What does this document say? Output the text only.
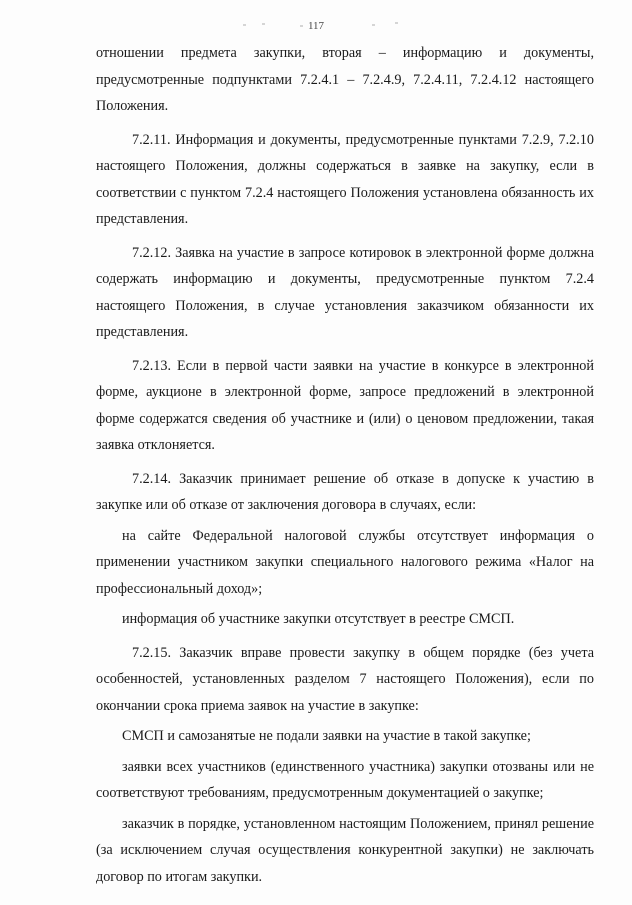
117

отношении предмета закупки, вторая – информацию и документы, предусмотренные подпунктами 7.2.4.1 – 7.2.4.9, 7.2.4.11, 7.2.4.12 настоящего Положения.

7.2.11. Информация и документы, предусмотренные пунктами 7.2.9, 7.2.10 настоящего Положения, должны содержаться в заявке на закупку, если в соответствии с пунктом 7.2.4 настоящего Положения установлена обязанность их представления.

7.2.12. Заявка на участие в запросе котировок в электронной форме должна содержать информацию и документы, предусмотренные пунктом 7.2.4 настоящего Положения, в случае установления заказчиком обязанности их представления.

7.2.13. Если в первой части заявки на участие в конкурсе в электронной форме, аукционе в электронной форме, запросе предложений в электронной форме содержатся сведения об участнике и (или) о ценовом предложении, такая заявка отклоняется.

7.2.14. Заказчик принимает решение об отказе в допуске к участию в закупке или об отказе от заключения договора в случаях, если:

на сайте Федеральной налоговой службы отсутствует информация о применении участником закупки специального налогового режима «Налог на профессиональный доход»;

информация об участнике закупки отсутствует в реестре СМСП.

7.2.15. Заказчик вправе провести закупку в общем порядке (без учета особенностей, установленных разделом 7 настоящего Положения), если по окончании срока приема заявок на участие в закупке:

СМСП и самозанятые не подали заявки на участие в такой закупке;

заявки всех участников (единственного участника) закупки отозваны или не соответствуют требованиям, предусмотренным документацией о закупке;

заказчик в порядке, установленном настоящим Положением, принял решение (за исключением случая осуществления конкурентной закупки) не заключать договор по итогам закупки.
